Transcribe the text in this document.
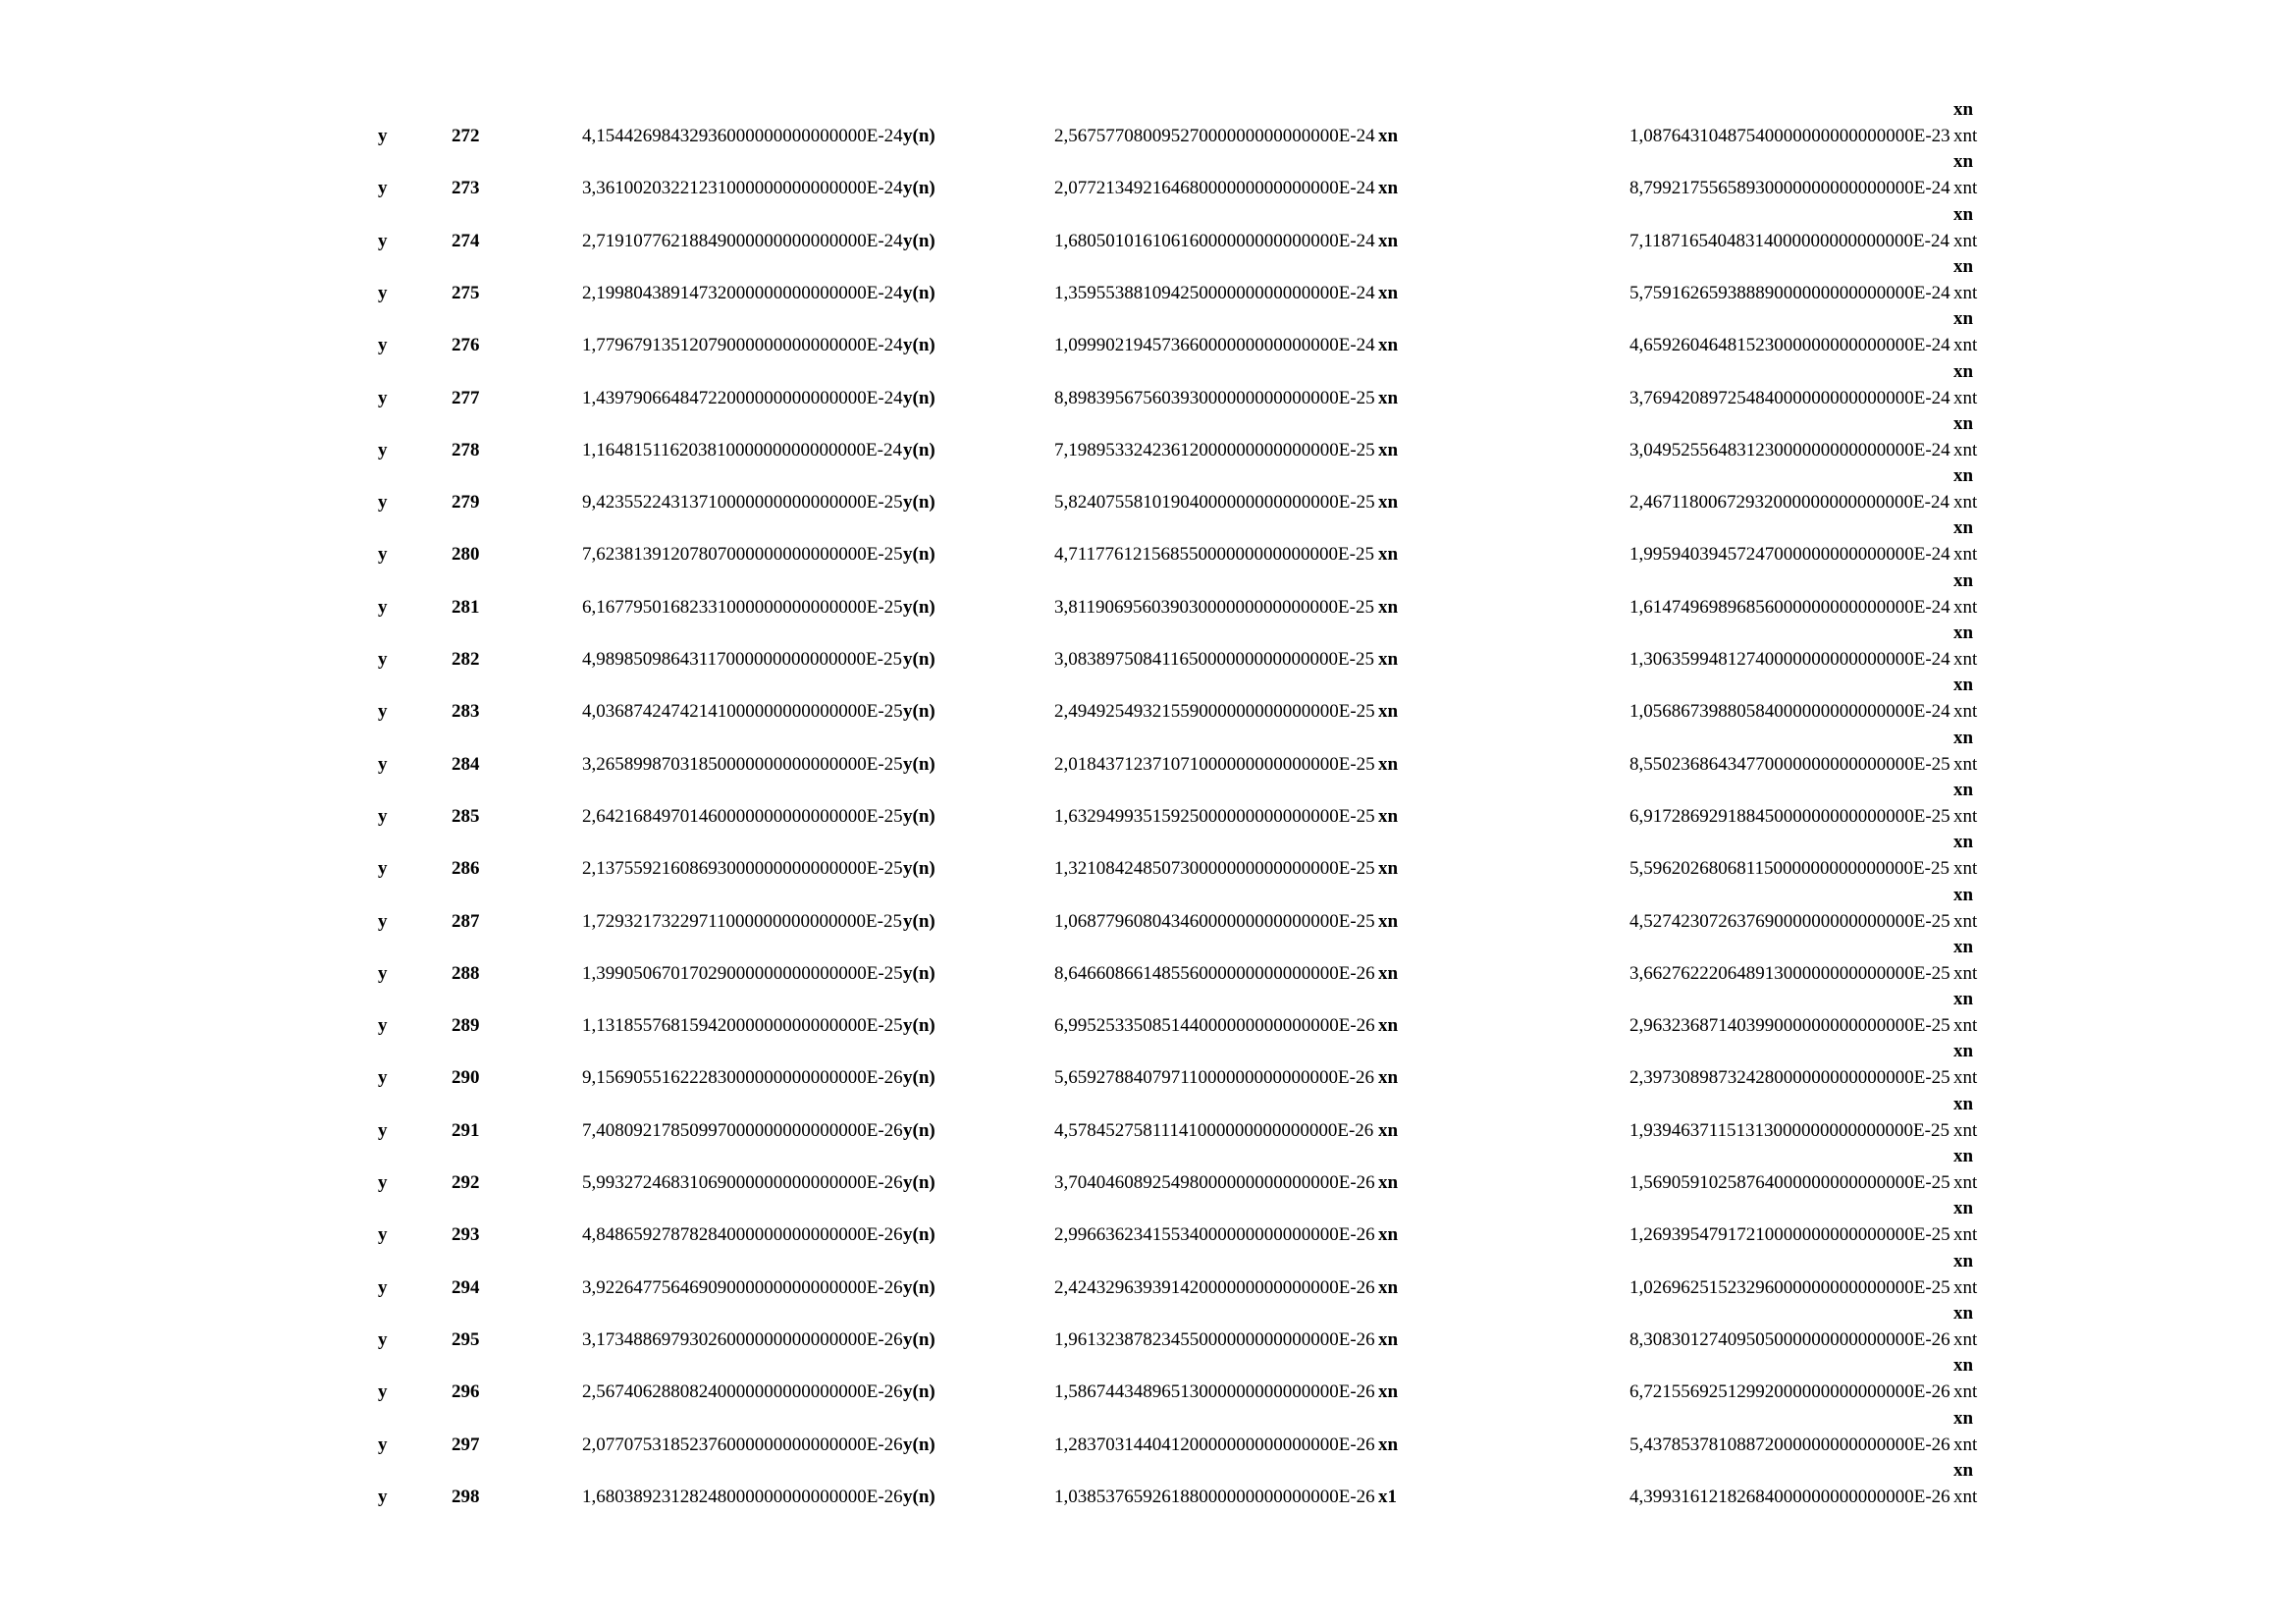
y	272	4,15442698432936000000000000000E-24 y(n)	2,56757708009527000000000000000E-24 xn	1,08764310487540000000000000000E-23 xnt
xn
y	273	3,36100203221231000000000000000E-24 y(n)	2,07721349216468000000000000000E-24 xn	8,79921755658930000000000000000E-24 xnt
xn
y	274	2,71910776218849000000000000000E-24 y(n)	1,68050101610616000000000000000E-24 xn	7,11871654048314000000000000000E-24 xnt
xn
y	275	2,19980438914732000000000000000E-24 y(n)	1,35955388109425000000000000000E-24 xn	5,75916265938889000000000000000E-24 xnt
xn
y	276	1,77967913512079000000000000000E-24 y(n)	1,09990219457366000000000000000E-24 xn	4,65926046481523000000000000000E-24 xnt
xn
y	277	1,43979066484722000000000000000E-24 y(n)	8,89839567560393000000000000000E-25 xn	3,76942089725484000000000000000E-24 xnt
xn
y	278	1,16481511620381000000000000000E-24 y(n)	7,19895332423612000000000000000E-25 xn	3,04952556483123000000000000000E-24 xnt
xn
y	279	9,42355224313710000000000000000E-25 y(n)	5,82407558101904000000000000000E-25 xn	2,46711800672932000000000000000E-24 xnt
xn
y	280	7,62381391207807000000000000000E-25 y(n)	4,71177612156855000000000000000E-25 xn	1,99594039457247000000000000000E-24 xnt
xn
y	281	6,16779501682331000000000000000E-25 y(n)	3,81190695603903000000000000000E-25 xn	1,61474969896856000000000000000E-24 xnt
xn
y	282	4,98985098643117000000000000000E-25 y(n)	3,08389750841165000000000000000E-25 xn	1,30635994812740000000000000000E-24 xnt
xn
y	283	4,03687424742141000000000000000E-25 y(n)	2,49492549321559000000000000000E-25 xn	1,05686739880584000000000000000E-24 xnt
xn
y	284	3,26589987031850000000000000000E-25 y(n)	2,01843712371071000000000000000E-25 xn	8,55023686434770000000000000000E-25 xnt
xn
y	285	2,64216849701460000000000000000E-25 y(n)	1,63294993515925000000000000000E-25 xn	6,91728692918845000000000000000E-25 xnt
xn
y	286	2,13755921608693000000000000000E-25 y(n)	1,32108424850730000000000000000E-25 xn	5,59620268068115000000000000000E-25 xnt
xn
y	287	1,72932173229711000000000000000E-25 y(n)	1,06877960804346000000000000000E-25 xn	4,52742307263769000000000000000E-25 xnt
xn
y	288	1,39905067017029000000000000000E-25 y(n)	8,64660866148556000000000000000E-26 xn	3,66276222064891300000000000000E-25 xnt
xn
y	289	1,13185576815942000000000000000E-25 y(n)	6,99525335085144000000000000000E-26 xn	2,96323687140399000000000000000E-25 xnt
xn
y	290	9,15690551622283000000000000000E-26 y(n)	5,65927884079711000000000000000E-26 xn	2,39730898732428000000000000000E-25 xnt
xn
y	291	7,40809217850997000000000000000E-26 y(n)	4,57845275811141000000000000000E-26 xn	1,93946371151313000000000000000E-25 xnt
xn
y	292	5,99327246831069000000000000000E-26 y(n)	3,70404608925498000000000000000E-26 xn	1,56905910258764000000000000000E-25 xnt
xn
y	293	4,84865927878284000000000000000E-26 y(n)	2,99663623415534000000000000000E-26 xn	1,26939547917210000000000000000E-25 xnt
xn
y	294	3,92264775646909000000000000000E-26 y(n)	2,42432963939142000000000000000E-26 xn	1,02696251523296000000000000000E-25 xnt
xn
y	295	3,17348869793026000000000000000E-26 y(n)	1,96132387823455000000000000000E-26 xn	8,30830127409505000000000000000E-26 xnt
xn
y	296	2,56740628808240000000000000000E-26 y(n)	1,58674434896513000000000000000E-26 xn	6,72155692512992000000000000000E-26 xnt
xn
y	297	2,07707531852376000000000000000E-26 y(n)	1,28370314404120000000000000000E-26 xn	5,43785378108872000000000000000E-26 xnt
xn
y	298	1,68038923128248000000000000000E-26 y(n)	1,03853765926188000000000000000E-26 x1	4,39931612182684000000000000000E-26 xnt
xn
